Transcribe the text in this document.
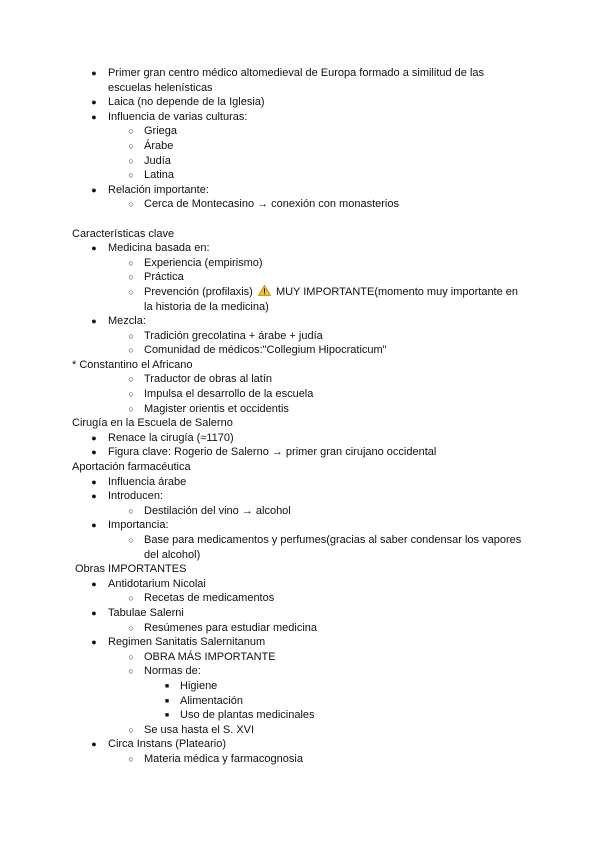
● Primer gran centro médico altomedieval de Europa formado a similitud de las
escuelas helenísticas
● Laica (no depende de la Iglesia)
● Influencia de varias culturas:
○ Griega
○ Árabe
○ Judía
○ Latina
● Relación importante:
○ Cerca de Montecasino → conexión con monasterios
Características clave
● Medicina basada en:
○ Experiencia (empirismo)
○ Práctica
○ Prevención (profilaxis) MUY IMPORTANTE(momento muy importante en
la historia de la medicina)
● Mezcla:
○ Tradición grecolatina + árabe + judía
○ Comunidad de médicos:"Collegium Hipocraticum"
* Constantino el Africano
○ Traductor de obras al latín
○ Impulsa el desarrollo de la escuela
○ Magister orientis et occidentis
Cirugía en la Escuela de Salerno
● Renace la cirugía (≈1170)
● Figura clave: Rogerio de Salerno → primer gran cirujano occidental
Aportación farmacéutica
● Influencia árabe
● Introducen:
○ Destilación del vino → alcohol
● Importancia:
○ Base para medicamentos y perfumes(gracias al saber condensar los vapores
del alcohol)
Obras IMPORTANTES
● Antidotarium Nicolai
○ Recetas de medicamentos
● Tabulae Salerni
○ Resúmenes para estudiar medicina
● Regimen Sanitatis Salernitanum
○ OBRA MÁS IMPORTANTE
○ Normas de:
■ Higiene
■ Alimentación
■ Uso de plantas medicinales
○ Se usa hasta el S. XVI
● Circa Instans (Plateario)
○ Materia médica y farmacognosia
